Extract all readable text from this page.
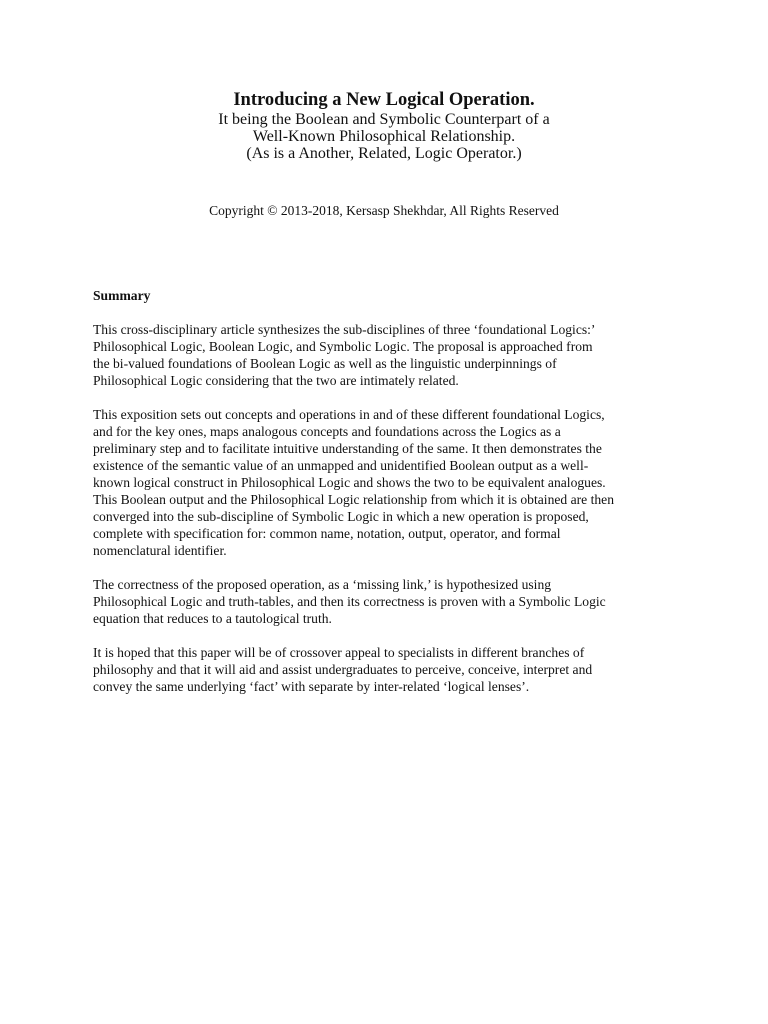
Introducing a New Logical Operation.
It being the Boolean and Symbolic Counterpart of a
Well-Known Philosophical Relationship.
(As is a Another, Related, Logic Operator.)
Copyright © 2013-2018, Kersasp Shekhdar, All Rights Reserved
Summary
This cross-disciplinary article synthesizes the sub-disciplines of three ‘foundational Logics:’
Philosophical Logic, Boolean Logic, and Symbolic Logic. The proposal is approached from
the bi-valued foundations of Boolean Logic as well as the linguistic underpinnings of
Philosophical Logic considering that the two are intimately related.
This exposition sets out concepts and operations in and of these different foundational Logics,
and for the key ones, maps analogous concepts and foundations across the Logics as a
preliminary step and to facilitate intuitive understanding of the same. It then demonstrates the
existence of the semantic value of an unmapped and unidentified Boolean output as a well-
known logical construct in Philosophical Logic and shows the two to be equivalent analogues.
This Boolean output and the Philosophical Logic relationship from which it is obtained are then
converged into the sub-discipline of Symbolic Logic in which a new operation is proposed,
complete with specification for: common name, notation, output, operator, and formal
nomenclatural identifier.
The correctness of the proposed operation, as a ‘missing link,’ is hypothesized using
Philosophical Logic and truth-tables, and then its correctness is proven with a Symbolic Logic
equation that reduces to a tautological truth.
It is hoped that this paper will be of crossover appeal to specialists in different branches of
philosophy and that it will aid and assist undergraduates to perceive, conceive, interpret and
convey the same underlying ‘fact’ with separate by inter-related ‘logical lenses’.
